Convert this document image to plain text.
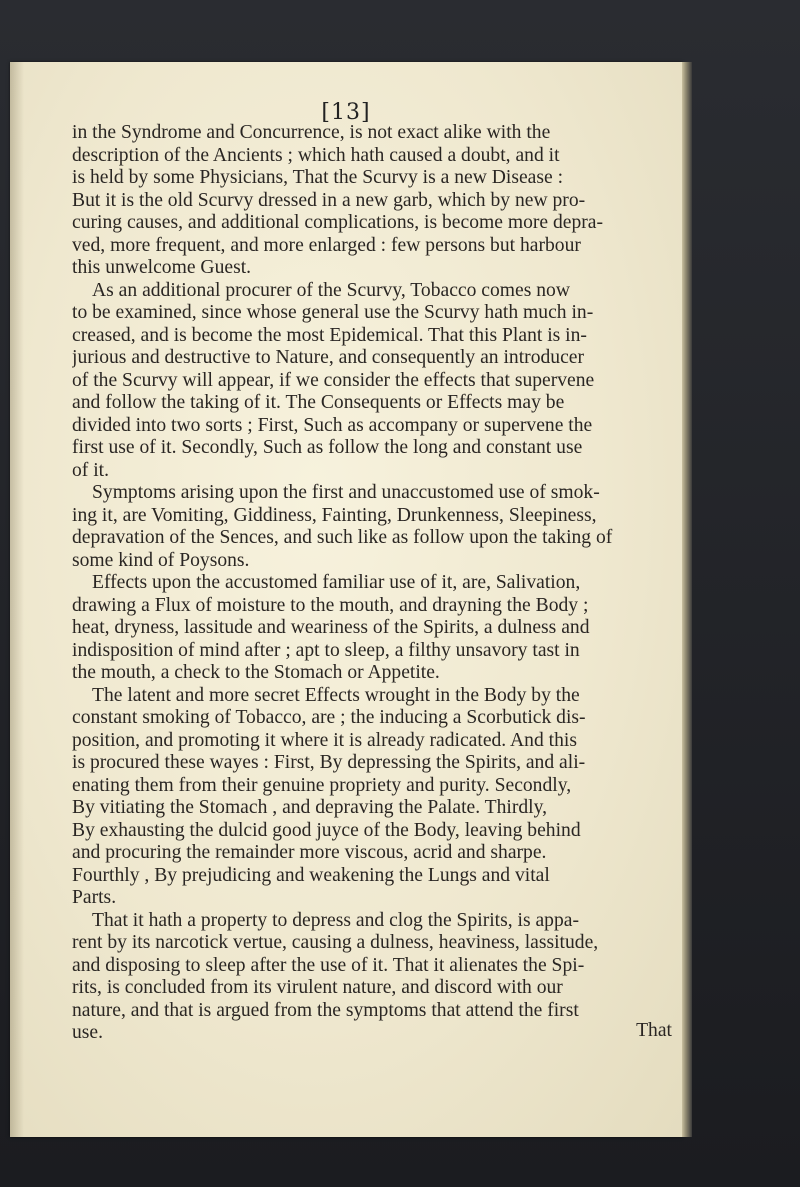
[13]
in the Syndrome and Concurrence, is not exact alike with the
description of the Ancients ; which hath caused a doubt, and it
is held by some Physicians, That the Scurvy is a new Disease :
But it is the old Scurvy dressed in a new garb, which by new pro-
curing causes, and additional complications, is become more depra-
ved, more frequent, and more enlarged : few persons but harbour
this unwelcome Guest.
As an additional procurer of the Scurvy, Tobacco comes now
to be examined, since whose general use the Scurvy hath much in-
creased, and is become the most Epidemical. That this Plant is in-
jurious and destructive to Nature, and consequently an introducer
of the Scurvy will appear, if we consider the effects that supervene
and follow the taking of it. The Consequents or Effects may be
divided into two sorts ; First, Such as accompany or supervene the
first use of it. Secondly, Such as follow the long and constant use
of it.
Symptoms arising upon the first and unaccustomed use of smok-
ing it, are Vomiting, Giddiness, Fainting, Drunkenness, Sleepiness,
depravation of the Sences, and such like as follow upon the taking of
some kind of Poysons.
Effects upon the accustomed familiar use of it, are, Salivation,
drawing a Flux of moisture to the mouth, and drayning the Body ;
heat, dryness, lassitude and weariness of the Spirits, a dulness and
indisposition of mind after ; apt to sleep, a filthy unsavory tast in
the mouth, a check to the Stomach or Appetite.
The latent and more secret Effects wrought in the Body by the
constant smoking of Tobacco, are ; the inducing a Scorbutick dis-
position, and promoting it where it is already radicated. And this
is procured these wayes : First, By depressing the Spirits, and ali-
enating them from their genuine propriety and purity. Secondly,
By vitiating the Stomach , and depraving the Palate. Thirdly,
By exhausting the dulcid good juyce of the Body, leaving behind
and procuring the remainder more viscous, acrid and sharpe.
Fourthly , By prejudicing and weakening the Lungs and vital
Parts.
That it hath a property to depress and clog the Spirits, is appa-
rent by its narcotick vertue, causing a dulness, heaviness, lassitude,
and disposing to sleep after the use of it. That it alienates the Spi-
rits, is concluded from its virulent nature, and discord with our
nature, and that is argued from the symptoms that attend the first
use.	That
